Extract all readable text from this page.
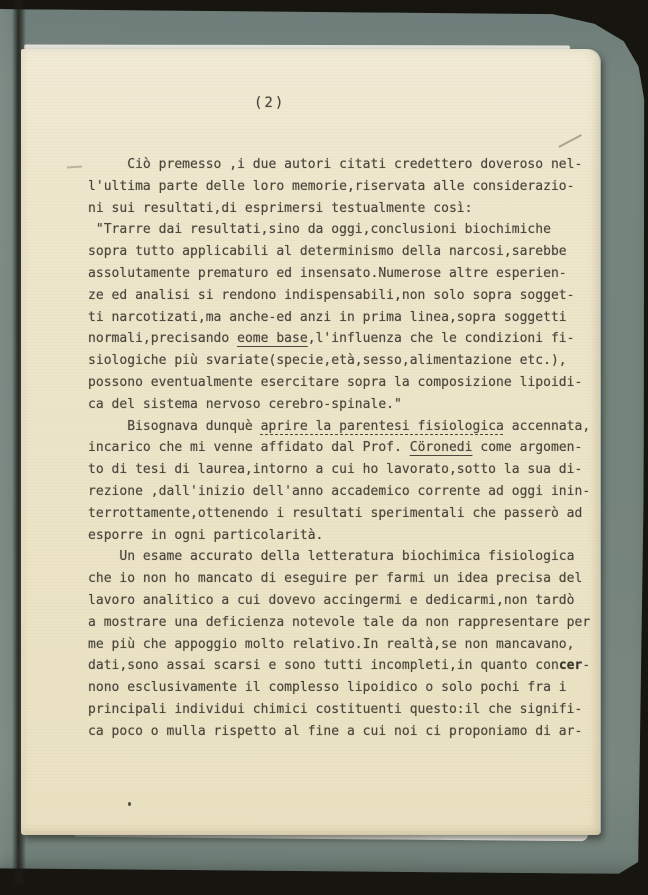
(2)
Ciò premesso ,i due autori citati credettero doveroso nel-
l'ultima parte delle loro memorie,riservata alle considerazio-
ni sui resultati,di esprimersi testualmente così:
"Trarre dai resultati,sino da oggi,conclusioni biochimiche
sopra tutto applicabili al determinismo della narcosi,sarebbe
assolutamente prematuro ed insensato.Numerose altre esperien-
ze ed analisi si rendono indispensabili,non solo sopra sogget-
ti narcotizati,ma anche-ed anzi in prima linea,sopra soggetti
normali,precisando eome base,l'influenza che le condizioni fi-
siologiche più svariate(specie,età,sesso,alimentazione etc.),
possono eventualmente esercitare sopra la composizione lipoidi-
ca del sistema nervoso cerebro-spinale."
Bisognava dunquè aprire la parentesi fisiologica accennata,
incarico che mi venne affidato dal Prof. Cöronedi come argomen-
to di tesi di laurea,intorno a cui ho lavorato,sotto la sua di-
rezione ,dall'inizio dell'anno accademico corrente ad oggi inin-
terrottamente,ottenendo i resultati sperimentali che passerò ad
esporre in ogni particolarità.
Un esame accurato della letteratura biochimica fisiologica
che io non ho mancato di eseguire per farmi un idea precisa del
lavoro analitico a cui dovevo accingermi e dedicarmi,non tardò
a mostrare una deficienza notevole tale da non rappresentare per
me più che appoggio molto relativo.In realtà,se non mancavano,
dati,sono assai scarsi e sono tutti incompleti,in quanto concer-
nono esclusivamente il complesso lipoidico o solo pochi fra i
principali individui chimici costituenti questo:il che signifi-
ca poco o mulla rispetto al fine a cui noi ci proponiamo di ar-
